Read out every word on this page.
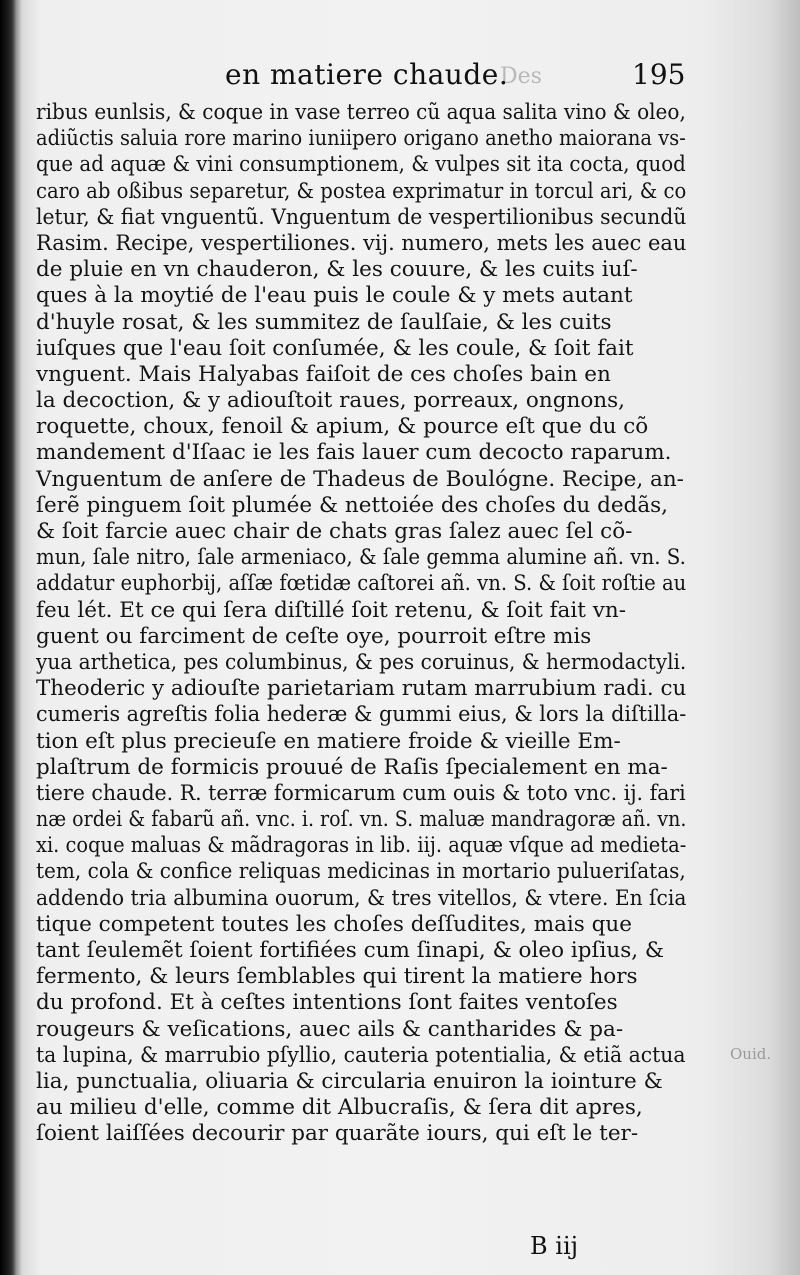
Des
en matiere chaude.	195
ribus eunlsis, & coque in vase terreo cũ aqua salita vino & oleo,
adiũctis saluia rore marino iuniipero origano anetho maiorana vs-
que ad aquæ & vini consumptionem, & vulpes sit ita cocta, quod
caro ab oßibus separetur, & postea exprimatur in torcul ari, & co
letur, & fiat vnguentũ. Vnguentum de vespertilionibus secundũ
Rasim. Recipe, vespertiliones. vij. numero, mets les auec eau
de pluie en vn chauderon, & les couure, & les cuits iuſ-
ques à la moytié de l'eau puis le coule & y mets autant
d'huyle rosat, & les summitez de ſaulſaie, & les cuits
iuſques que l'eau ſoit conſumée, & les coule, & ſoit fait
vnguent. Mais Halyabas faiſoit de ces choſes bain en
la decoction, & y adiouſtoit raues, porreaux, ongnons,
roquette, choux, fenoil & apium, & pource eſt que du cõ
mandement d'Iſaac ie les fais lauer cum decocto raparum.
Vnguentum de anſere de Thadeus de Boulógne. Recipe, an-
ſerẽ pinguem ſoit plumée & nettoiée des choſes du dedãs,
& ſoit farcie auec chair de chats gras ſalez auec ſel cõ-
mun, ſale nitro, ſale armeniaco, & ſale gemma alumine añ. vn. S.
addatur euphorbij, aſſæ fœtidæ caſtorei añ. vn. S. & ſoit roſtie au
feu lét. Et ce qui ſera diſtillé ſoit retenu, & ſoit fait vn-
guent ou farciment de ceſte oye, pourroit eſtre mis
yua arthetica, pes columbinus, & pes coruinus, & hermodactyli.
Theoderic y adiouſte parietariam rutam marrubium radi. cu
cumeris agreſtis folia hederæ & gummi eius, & lors la diſtilla-
tion eſt plus precieuſe en matiere froide & vieille Em-
plaſtrum de formicis prouué de Raſis ſpecialement en ma-
tiere chaude. R. terræ formicarum cum ouis & toto vnc. ij. fari
næ ordei & fabarũ añ. vnc. i. roſ. vn. S. maluæ mandragoræ añ. vn.
xi. coque maluas & mãdragoras in lib. iij. aquæ vſque ad medieta-
tem, cola & confice reliquas medicinas in mortario pulueriſatas,
addendo tria albumina ouorum, & tres vitellos, & vtere. En ſcia
tique competent toutes les choſes deſſudites, mais que
tant ſeulemẽt ſoient fortifiées cum ſinapi, & oleo ipſius, &
fermento, & leurs ſemblables qui tirent la matiere hors
du profond. Et à ceſtes intentions ſont faites ventoſes
rougeurs & veſications, auec ails & cantharides & pa-
ta lupina, & marrubio pſyllio, cauteria potentialia, & etiã actua
lia, punctualia, oliuaria & circularia enuiron la iointure &
au milieu d'elle, comme dit Albucraſis, & ſera dit apres,
ſoient laiſſées decourir par quarãte iours, qui eſt le ter-
Ouid.
B iij
